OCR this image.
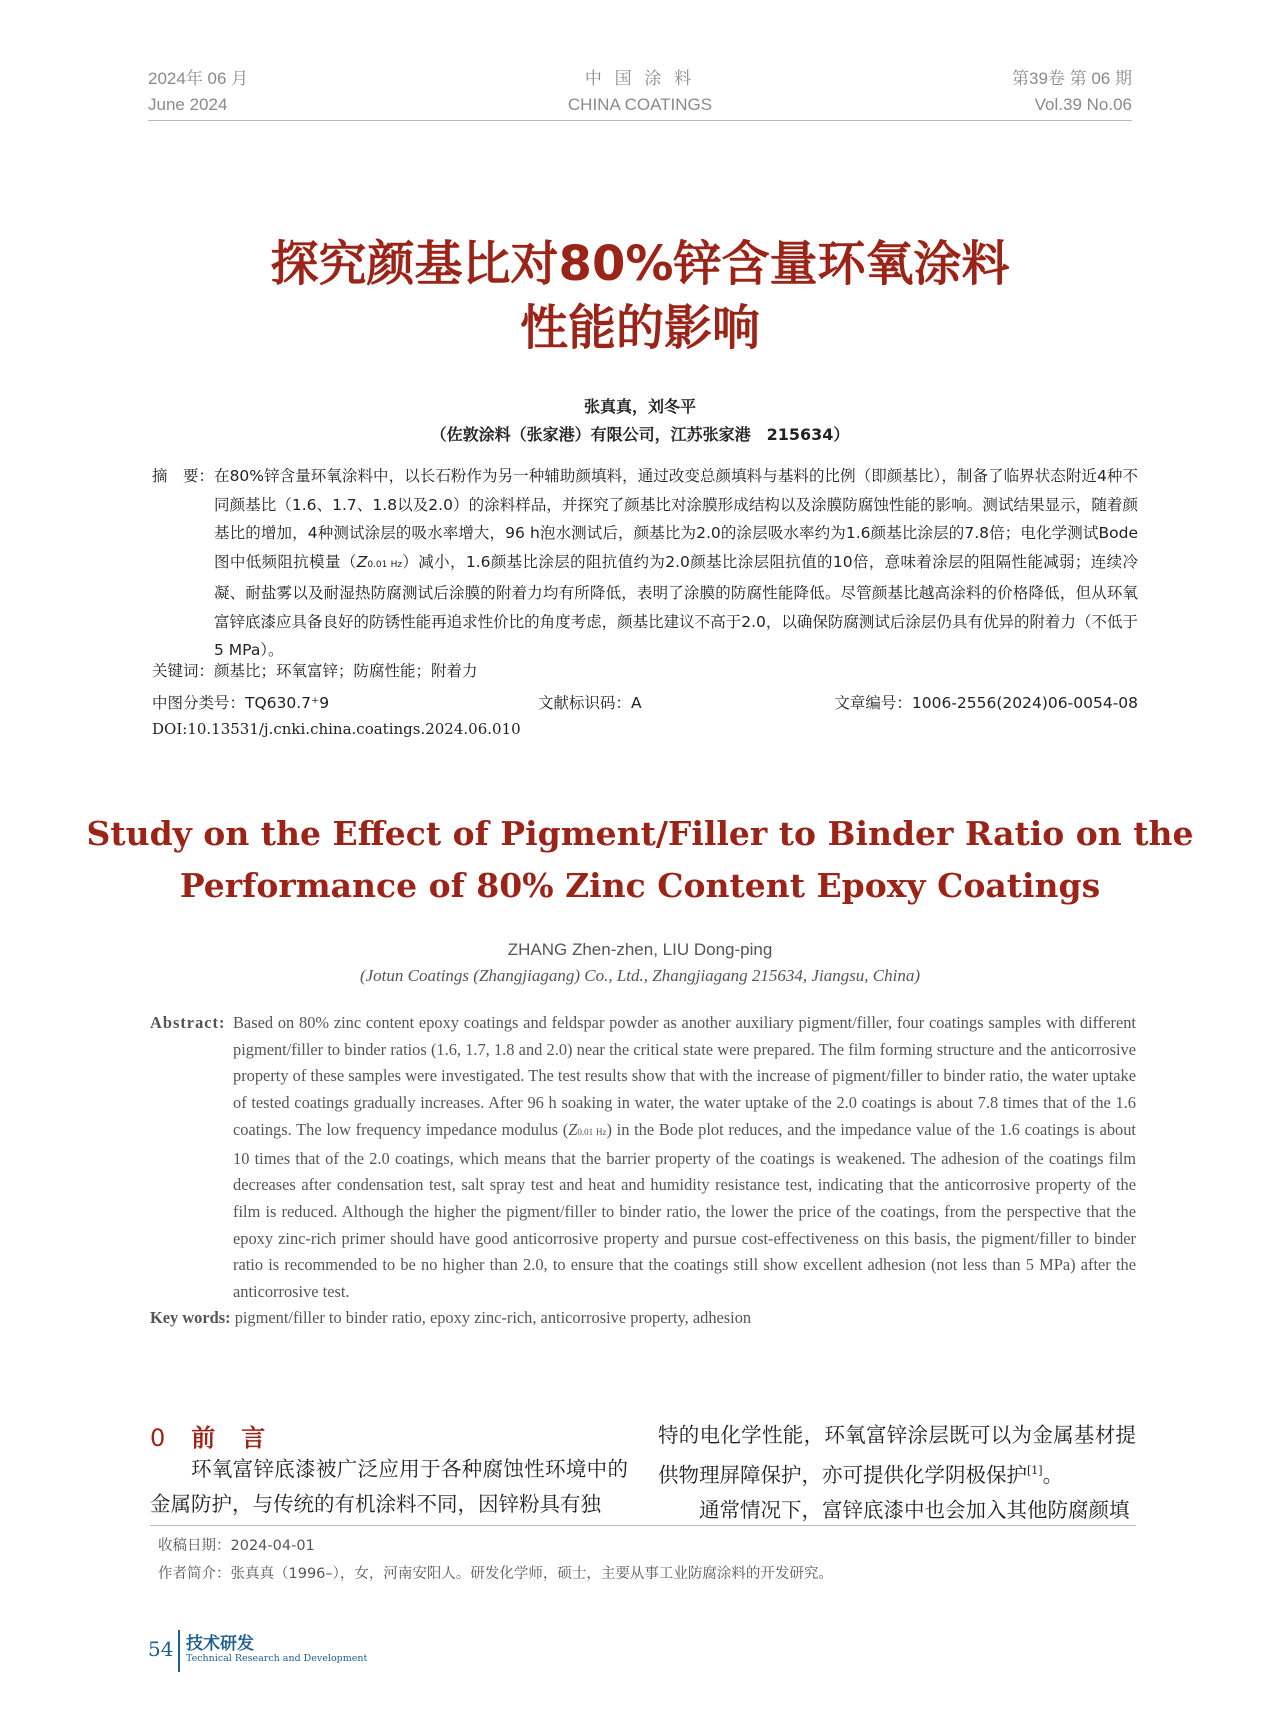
2024年 06 月
June 2024
中 国 涂 料
CHINA COATINGS
第39卷 第 06 期
Vol.39 No.06
探究颜基比对80%锌含量环氧涂料
性能的影响
张真真，刘冬平
（佐敦涂料（张家港）有限公司，江苏张家港　215634）
摘　要： 在80%锌含量环氧涂料中，以长石粉作为另一种辅助颜填料，通过改变总颜填料与基料的比例（即颜基比），制备了临界状态附近4种不同颜基比（1.6、1.7、1.8以及2.0）的涂料样品，并探究了颜基比对涂膜形成结构以及涂膜防腐蚀性能的影响。测试结果显示，随着颜基比的增加，4种测试涂层的吸水率增大，96 h泡水测试后，颜基比为2.0的涂层吸水率约为1.6颜基比涂层的7.8倍；电化学测试Bode图中低频阻抗模量（Z0.01 Hz）减小，1.6颜基比涂层的阻抗值约为2.0颜基比涂层阻抗值的10倍，意味着涂层的阻隔性能减弱；连续冷凝、耐盐雾以及耐湿热防腐测试后涂膜的附着力均有所降低，表明了涂膜的防腐性能降低。尽管颜基比越高涂料的价格降低，但从环氧富锌底漆应具备良好的防锈性能再追求性价比的角度考虑，颜基比建议不高于2.0，以确保防腐测试后涂层仍具有优异的附着力（不低于5 MPa）。
关键词：颜基比；环氧富锌；防腐性能；附着力
中图分类号：TQ630.7⁺9	文献标识码：A	文章编号：1006-2556(2024)06-0054-08
DOI:10.13531/j.cnki.china.coatings.2024.06.010
Study on the Effect of Pigment/Filler to Binder Ratio on the
Performance of 80% Zinc Content Epoxy Coatings
ZHANG Zhen-zhen, LIU Dong-ping
(Jotun Coatings (Zhangjiagang) Co., Ltd., Zhangjiagang 215634, Jiangsu, China)
Abstract: Based on 80% zinc content epoxy coatings and feldspar powder as another auxiliary pigment/filler, four coatings samples with different pigment/filler to binder ratios (1.6, 1.7, 1.8 and 2.0) near the critical state were prepared. The film forming structure and the anticorrosive property of these samples were investigated. The test results show that with the increase of pigment/filler to binder ratio, the water uptake of tested coatings gradually increases. After 96 h soaking in water, the water uptake of the 2.0 coatings is about 7.8 times that of the 1.6 coatings. The low frequency impedance modulus (Z0.01 Hz) in the Bode plot reduces, and the impedance value of the 1.6 coatings is about 10 times that of the 2.0 coatings, which means that the barrier property of the coatings is weakened. The adhesion of the coatings film decreases after condensation test, salt spray test and heat and humidity resistance test, indicating that the anticorrosive property of the film is reduced. Although the higher the pigment/filler to binder ratio, the lower the price of the coatings, from the perspective that the epoxy zinc-rich primer should have good anticorrosive property and pursue cost-effectiveness on this basis, the pigment/filler to binder ratio is recommended to be no higher than 2.0, to ensure that the coatings still show excellent adhesion (not less than 5 MPa) after the anticorrosive test.
Key words: pigment/filler to binder ratio, epoxy zinc-rich, anticorrosive property, adhesion
0 前言

环氧富锌底漆被广泛应用于各种腐蚀性环境中的金属防护，与传统的有机涂料不同，因锌粉具有独

特的电化学性能，环氧富锌涂层既可以为金属基材提供物理屏障保护，亦可提供化学阴极保护[1]。

通常情况下，富锌底漆中也会加入其他防腐颜填

收稿日期：2024-04-01
作者简介：张真真（1996–），女，河南安阳人。研发化学师，硕士，主要从事工业防腐涂料的开发研究。
54 技术研发
Technical Research and Development
